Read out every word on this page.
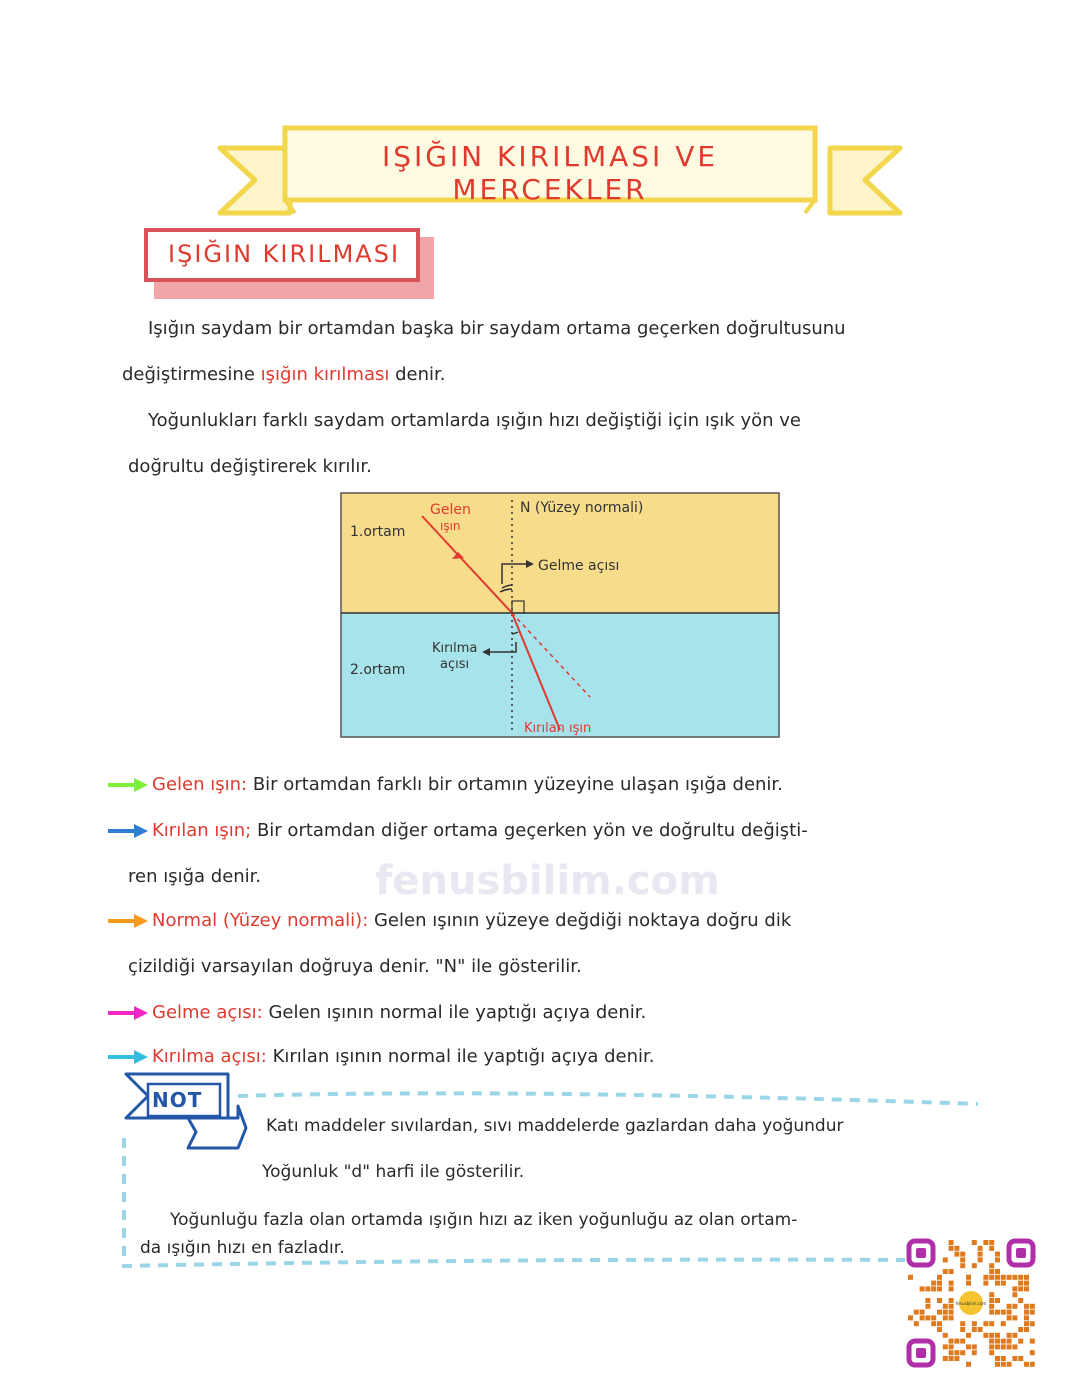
IŞIĞIN KIRILMASI VE MERCEKLER
IŞIĞIN KIRILMASI
Işığın saydam bir ortamdan başka bir saydam ortama geçerken doğrultusunu
değiştirmesine ışığın kırılması denir.
Yoğunlukları farklı saydam ortamlarda ışığın hızı değiştiği için ışık yön ve
doğrultu değiştirerek kırılır.
1.ortam
2.ortam
Gelen
ışın
N (Yüzey normali)
Gelme açısı
Kırılma
açısı
Kırılan ışın
fenusbilim.com
Gelen ışın: Bir ortamdan farklı bir ortamın yüzeyine ulaşan ışığa denir.
Kırılan ışın; Bir ortamdan diğer ortama geçerken yön ve doğrultu değişti-
ren ışığa denir.
Normal (Yüzey normali): Gelen ışının yüzeye değdiği noktaya doğru dik
çizildiği varsayılan doğruya denir. "N" ile gösterilir.
Gelme açısı: Gelen ışının normal ile yaptığı açıya denir.
Kırılma açısı: Kırılan ışının normal ile yaptığı açıya denir.
NOT
Katı maddeler sıvılardan, sıvı maddelerde gazlardan daha yoğundur
Yoğunluk "d" harfi ile gösterilir.
Yoğunluğu fazla olan ortamda ışığın hızı az iken yoğunluğu az olan ortam-
da ışığın hızı en fazladır.
fenusbilim.com
